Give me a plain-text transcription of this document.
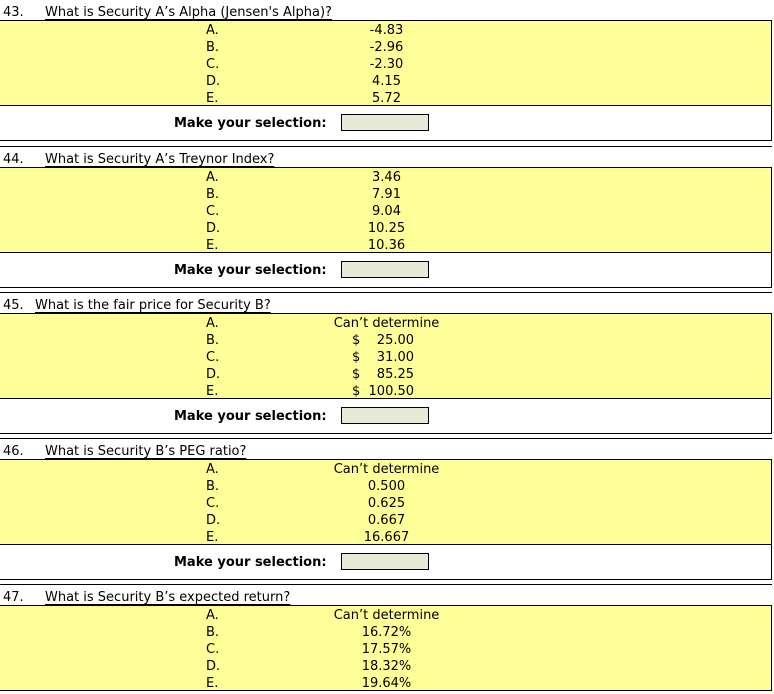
43. What is Security A’s Alpha (Jensen's Alpha)?
A.	-4.83
B.	-2.96
C.	-2.30
D.	4.15
E.	5.72
Make your selection:
44. What is Security A’s Treynor Index?
A.	3.46
B.	7.91
C.	9.04
D.	10.25
E.	10.36
Make your selection:
45. What is the fair price for Security B?
A.	Can’t determine
B.	$    25.00
C.	$    31.00
D.	$    85.25
E.	$  100.50
Make your selection:
46. What is Security B’s PEG ratio?
A.	Can’t determine
B.	0.500
C.	0.625
D.	0.667
E.	16.667
Make your selection:
47. What is Security B’s expected return?
A.	Can’t determine
B.	16.72%
C.	17.57%
D.	18.32%
E.	19.64%
